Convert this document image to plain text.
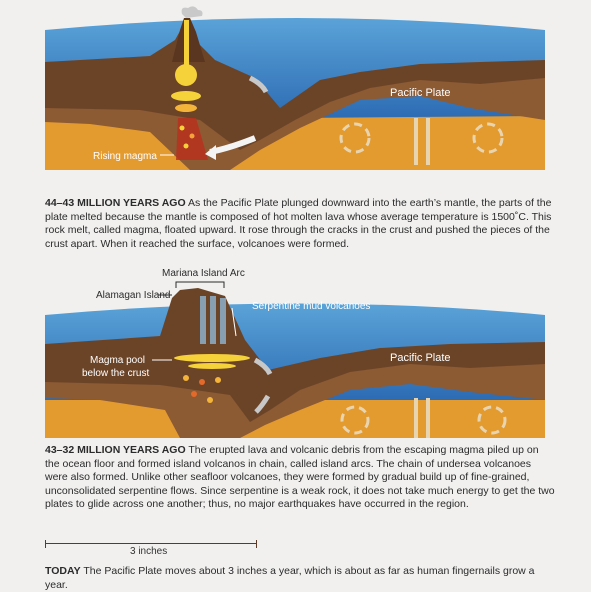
Pacific Plate
Rising magma
44–43 MILLION YEARS AGO As the Pacific Plate plunged downward into the earth’s mantle, the parts of the plate melted because the mantle is composed of hot molten lava whose average temperature is 1500˚C. This rock melt, called magma, floated upward. It rose through the cracks in the crust and pushed the pieces of the crust apart. When it reached the surface, volcanoes were formed.
Mariana Island Arc
Alamagan Island
Serpentine mud volcanoes
Magma pool
below the crust
Pacific Plate
43–32 MILLION YEARS AGO The erupted lava and volcanic debris from the escaping magma piled up on the ocean floor and formed island volcanos in chain, called island arcs. The chain of undersea volcanoes were also formed. Unlike other seafloor volcanoes, they were formed by gradual build up of fine-grained, unconsolidated serpentine flows. Since serpentine is a weak rock, it does not take much energy to get the two plates to glide across one another; thus, no major earthquakes have occurred in the region.
3 inches
TODAY The Pacific Plate moves about 3 inches a year, which is about as far as human fingernails grow a year.
